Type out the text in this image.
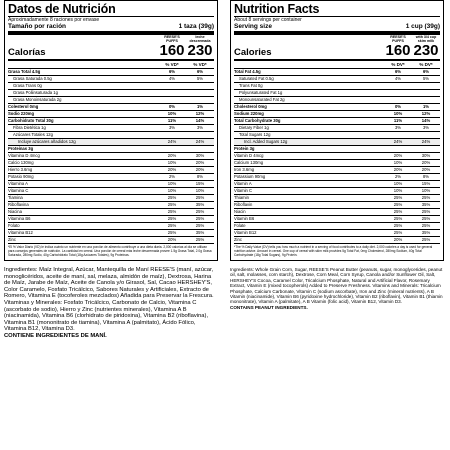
Datos de Nutrición
Aproximadamente 8 raciones por envase
Tamaño por ración	1 taza (39g)
Calorías
REESE'S PUFFS
160
con 3/4 taza de leche descremada
230
% VD*	% VD*
Grasa Total 4.5g	6%	6%
Grasa Saturada 0.5g	4%	5%
Grasa Trans 0g
Grasa Poliinsaturada 1g
Grasa Monoinsaturada 2g
Colesterol 0mg	0%	1%
Sodio 220mg	10%	12%
Carbohidrato Total 30g	11%	14%
Fibra Dietética 1g	3%	3%
Azúcares Totales 12g
Incluye azúcares añadidos 12g	24%	24%
Proteínas 3g
Vitamina D 4mcg	20%	30%
Calcio 130mg	10%	20%
Hierro 3.6mg	20%	20%
Potasio 90mg	2%	8%
Vitamina A	10%	15%
Vitamina C	10%	10%
Tiamina	25%	25%
Riboflavina	25%	35%
Niacina	25%	25%
Vitamina B6	25%	25%
Folato	25%	25%
Vitamina B12	25%	35%
Zinc	20%	25%
*El % Valor Diario (VD) le indica cuánto un nutriente en una porción de alimento contribuye a una dieta diaria. 2,000 calorías al día se utilizan para consejos generales de nutrición. La cantidad en cereal. Una porción de cereal más leche descremada provee 1.5g Grasa Total, 2.0g Grasa Saturada, 280mg Sodio, 40g Carbohidrato Total (18g Azúcares Totales), 9g Proteínas.
Ingredientes: Maíz Integral, Azúcar, Mantequilla de Maní REESE'S (maní, azúcar, monoglicéridos, aceite de maní, sal, melaza, almidón de maíz), Dextrosa, Harina de Maíz, Jarabe de Maíz, Aceite de Canola y/o Girasol, Sal, Cacao HERSHEY'S, Color Caramelo, Fosfato Tricálcico, Sabores Naturales y Artificiales, Extracto de Romero, Vitamina E (tocoferoles mezclados) Añadida para Preservar la Frescura. Vitaminas y Minerales: Fosfato Tricálcico, Carbonato de Calcio, Vitamina C (ascorbato de sodio), Hierro y Zinc (nutrientes minerales), Vitamina A B (niacinamida), Vitamina B6 (clorhidrato de piridoxina), Vitamina B2 (riboflavina), Vitamina B1 (mononitrato de tiamina), Vitamina A (palmitato), Ácido Fólico, Vitamina B12, Vitamina D3.
CONTIENE INGREDIENTES DE MANÍ.
Nutrition Facts
About 8 servings per container
Serving size	1 cup (39g)
Calories
REESE'S PUFFS
160
with 3/4 cup skim milk
230
% DV*	% DV*
Total Fat 4.5g	6%	6%
Saturated Fat 0.5g	4%	5%
Trans Fat 0g
Polyunsaturated Fat 1g
Monounsaturated Fat 2g
Cholesterol 0mg	0%	1%
Sodium 220mg	10%	12%
Total Carbohydrate 30g	11%	14%
Dietary Fiber 1g	3%	3%
Total Sugars 12g
Incl. Added Sugars 12g	24%	24%
Protein 3g
Vitamin D 4mcg	20%	30%
Calcium 130mg	10%	20%
Iron 3.6mg	20%	20%
Potassium 90mg	2%	8%
Vitamin A	10%	15%
Vitamin C	10%	10%
Thiamin	25%	25%
Riboflavin	25%	35%
Niacin	25%	25%
Vitamin B6	25%	25%
Folate	25%	25%
Vitamin B12	25%	35%
Zinc	20%	25%
*The % Daily Value (DV) tells you how much a nutrient in a serving of food contributes to a daily diet. 2,000 calories a day is used for general nutrition advice. Amount in cereal. One cup of cereal with skim milk provides 5g Total Fat, 0mg Cholesterol, 280mg Sodium, 40g Total Carbohydrate (18g Total Sugars), 9g Protein.
Ingredients: Whole Grain Corn, Sugar, REESE'S Peanut Butter (peanuts, sugar, monoglycerides, peanut oil, salt, molasses, corn starch), Dextrose, Corn Meal, Corn Syrup, Canola and/or Sunflower Oil, Salt, HERSHEY'S Cocoa, Caramel Color, Tricalcium Phosphate, Natural and Artificial Flavor, Rosemary Extract, Vitamin E (mixed tocopherols) Added to Preserve Freshness. Vitamins and Minerals: Tricalcium Phosphate, Calcium Carbonate, Vitamin C (sodium ascorbate), Iron and Zinc (mineral nutrients), A B Vitamin (niacinamide), Vitamin B6 (pyridoxine hydrochloride), Vitamin B2 (riboflavin), Vitamin B1 (thiamin mononitrate), Vitamin A (palmitate), A B Vitamin (folic acid), Vitamin B12, Vitamin D3.
CONTAINS PEANUT INGREDIENTS.
